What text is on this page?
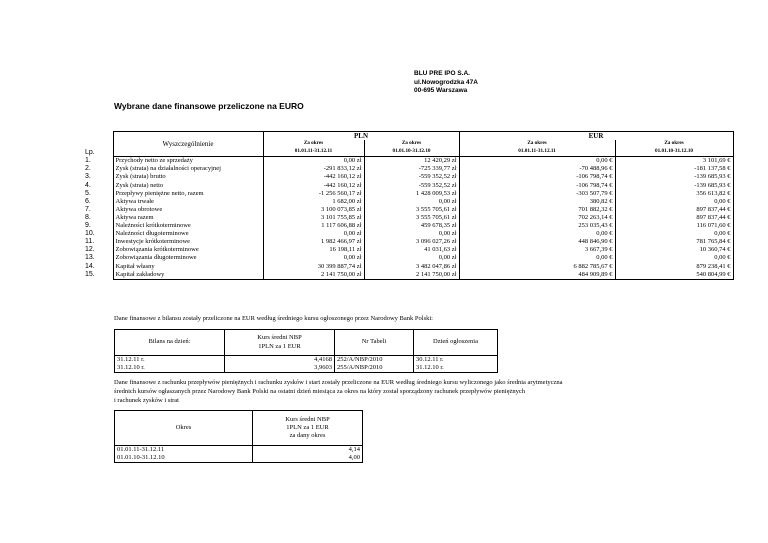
BLU PRE IPO S.A.
ul.Nowogrodzka 47A
00-695 Warszawa
Wybrane dane finansowe przeliczone na EURO
	Wyszczególnienie	PLN		EUR	
		Za okres	Za okres	Za okres	Za okres
Lp.		01.01.11-31.12.11	01.01.10-31.12.10	01.01.11-31.12.11	01.01.10-31.12.10
1.	Przychody netto ze sprzedaży	0,00 zł	12 420,29 zł	0,00 €	3 101,69 €
2.	Zysk (strata) na działalności operacyjnej	-291 833,12 zł	-725 339,77 zł	-70 488,96 €	-181 137,58 €
3.	Zysk (strata) brutto	-442 160,12 zł	-559 352,52 zł	-106 798,74 €	-139 685,93 €
4.	Zysk (strata) netto	-442 160,12 zł	-559 352,52 zł	-106 798,74 €	-139 685,93 €
5.	Przepływy pieniężne netto, razem	-1 256 560,17 zł	1 428 009,53 zł	-303 507,79 €	356 613,82 €
6.	Aktywa trwałe	1 682,00 zł	0,00 zł	380,82 €	0,00 €
7.	Aktywa obrotowe	3 100 073,85 zł	3 555 705,61 zł	701 882,32 €	897 837,44 €
8.	Aktywa razem	3 101 755,85 zł	3 555 705,61 zł	702 263,14 €	897 837,44 €
9.	Należności krótkoterminowe	1 117 606,88 zł	459 678,35 zł	253 035,43 €	116 071,60 €
10.	Należności długoterminowe	0,00 zł	0,00 zł	0,00 €	0,00 €
11.	Inwestycje krótkoterminowe	1 982 466,97 zł	3 096 027,26 zł	448 846,90 €	781 765,84 €
12.	Zobowiązania krótkoterminowe	16 198,11 zł	41 031,63 zł	3 667,39 €	10 360,74 €
13.	Zobowiązania długoterminowe	0,00 zł	0,00 zł	0,00 €	0,00 €
14.	Kapitał własny	30 399 887,74 zł	3 482 047,86 zł	6 882 785,67 €	879 238,41 €
15.	Kapitał zakładowy	2 141 750,00 zł	2 141 750,00 zł	484 909,89 €	540 804,99 €
Dane finansowe z bilansu zostały przeliczone na EUR według średniego kursu ogłoszonego przez Narodowy Bank Polski:
Bilans na dzień:	Kurs średni NBP
1PLN za 1 EUR	Nr Tabeli	Dzień ogłoszenia
31.12.11 r.	4,4168	252/A/NBP/2010	30.12.11 r.
31.12.10 r.	3,9603	255/A/NBP/2010	31.12.10 r.
Dane finansowe z rachunku przepływów pieniężnych i rachunku zysków i start zostały przeliczone na EUR według średniego kursu wyliczonego jako średnia arytmetyczna
średnich kursów ogłaszanych przez Narodowy Bank Polski na ostatni dzień miesiąca za okres na który został sporządzony rachunek przepływów pieniężnych
i rachunek zysków i strat
Okres	Kurs średni NBP
1PLN za 1 EUR
za dany okres

01.01.11-31.12.11	4,14
01.01.10-31.12.10	4,00
